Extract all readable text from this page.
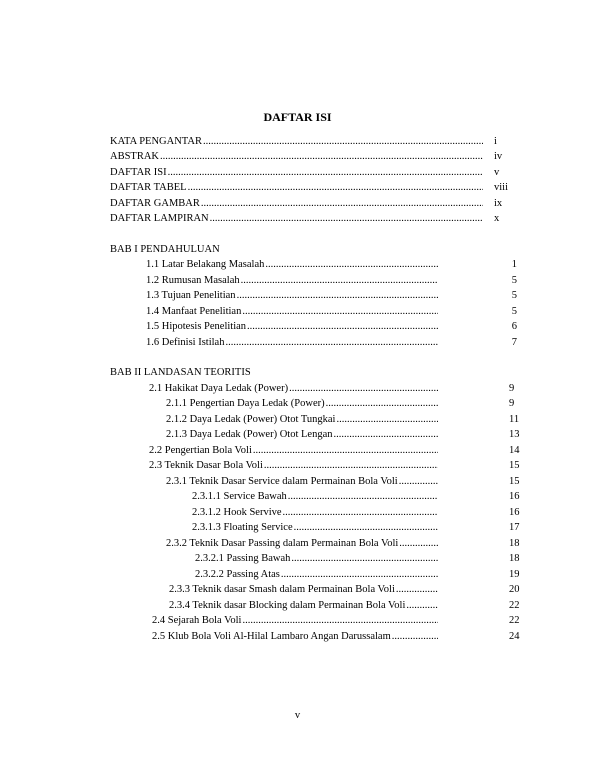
DAFTAR ISI
KATA PENGANTAR .....	i
ABSTRAK .....	iv
DAFTAR ISI .....	v
DAFTAR TABEL .....	viii
DAFTAR GAMBAR .....	ix
DAFTAR LAMPIRAN .....	x
BAB I PENDAHULUAN
1.1 Latar Belakang Masalah .....	1
1.2 Rumusan Masalah .....	5
1.3 Tujuan Penelitian .....	5
1.4 Manfaat Penelitian .....	5
1.5 Hipotesis Penelitian .....	6
1.6 Definisi Istilah .....	7
BAB II LANDASAN TEORITIS
2.1 Hakikat Daya Ledak (Power) .....	9
2.1.1 Pengertian Daya Ledak (Power) .....	9
2.1.2 Daya Ledak (Power) Otot Tungkai .....	11
2.1.3 Daya Ledak (Power) Otot Lengan .....	13
2.2 Pengertian Bola Voli .....	14
2.3 Teknik Dasar Bola Voli .....	15
2.3.1 Teknik Dasar Service dalam Permainan Bola Voli .....	15
2.3.1.1 Service Bawah .....	16
2.3.1.2 Hook Servive .....	16
2.3.1.3 Floating Service .....	17
2.3.2 Teknik Dasar Passing dalam Permainan Bola Voli .....	18
2.3.2.1 Passing Bawah .....	18
2.3.2.2 Passing Atas .....	19
2.3.3 Teknik dasar Smash dalam Permainan Bola Voli .....	20
2.3.4 Teknik dasar Blocking dalam Permainan Bola Voli .....	22
2.4 Sejarah Bola Voli .....	22
2.5 Klub Bola Voli Al-Hilal Lambaro Angan Darussalam .....	24
v
